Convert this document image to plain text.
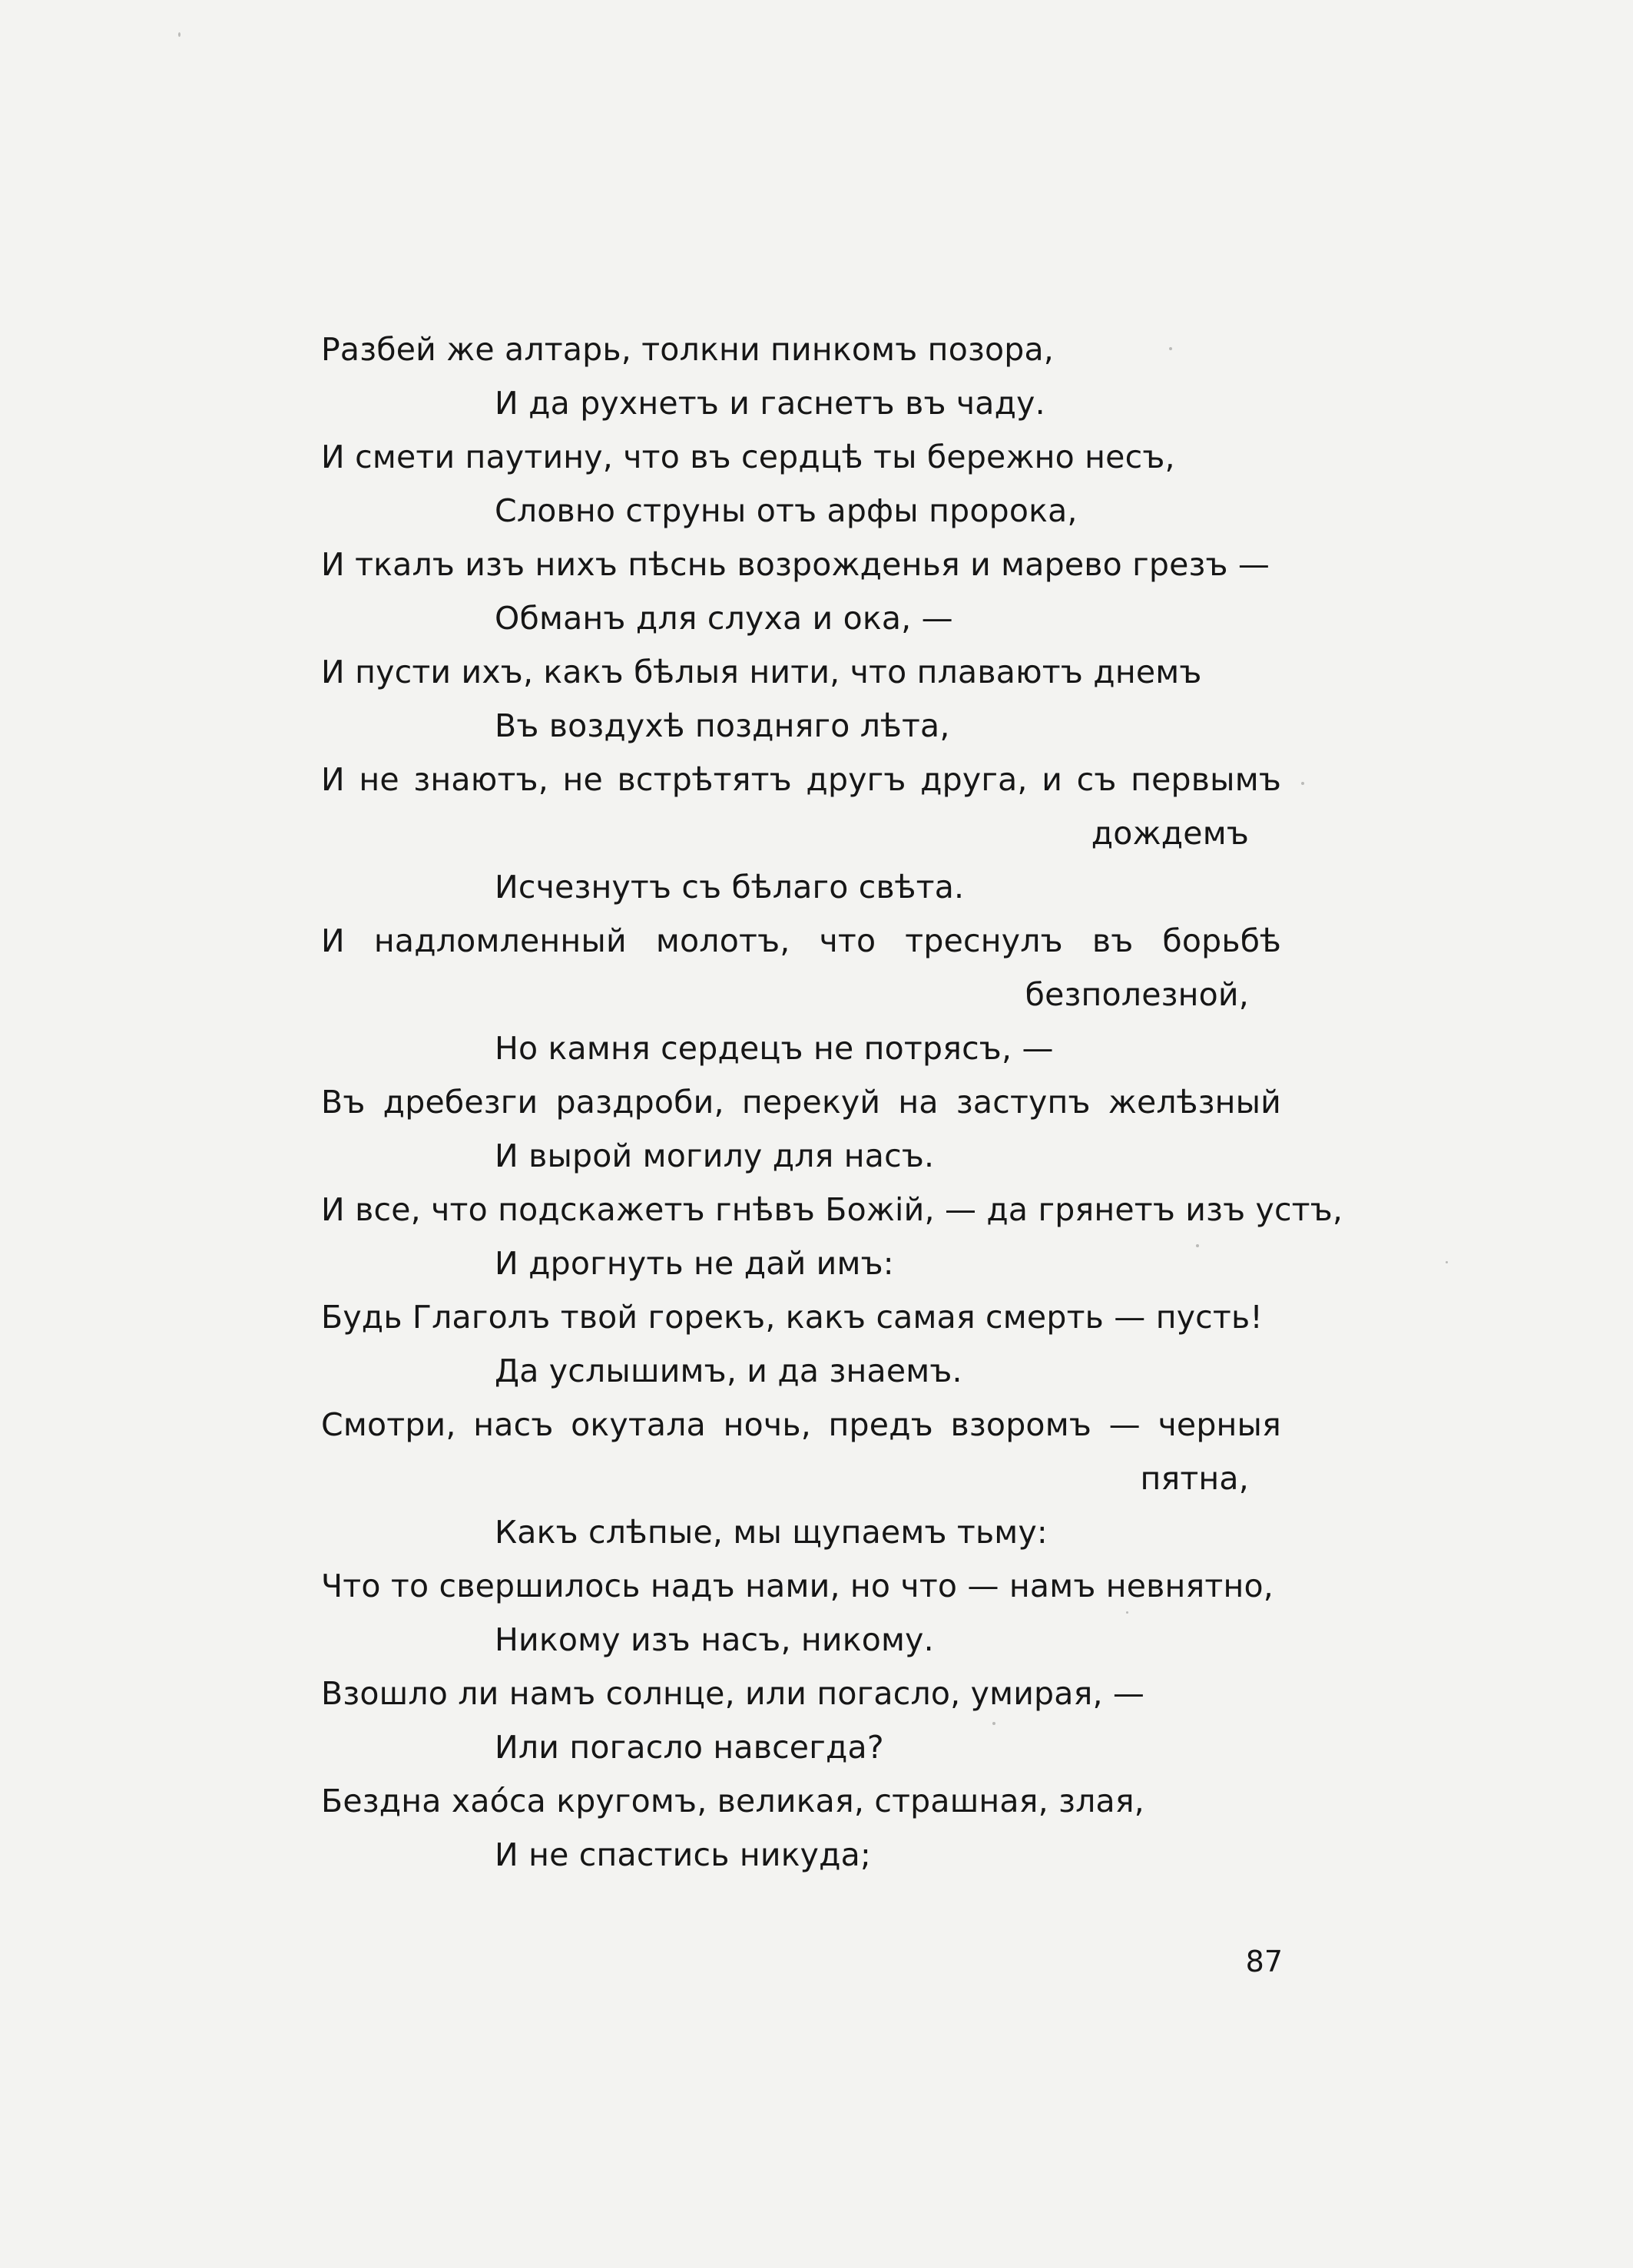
Разбей же алтарь, толкни пинкомъ позора,
И да рухнетъ и гаснетъ въ чаду.
И смети паутину, что въ сердцѣ ты бережно несъ,
Словно струны отъ арфы пророка,
И ткалъ изъ нихъ пѣснь возрожденья и марево грезъ —
Обманъ для слуха и ока, —
И пусти ихъ, какъ бѣлыя нити, что плаваютъ днемъ
Въ воздухѣ поздняго лѣта,
И не знаютъ, не встрѣтятъ другъ друга, и съ первымъ
дождемъ
Исчезнутъ съ бѣлаго свѣта.
И надломленный молотъ, что треснулъ въ борьбѣ
безполезной,
Но камня сердецъ не потрясъ, —
Въ дребезги раздроби, перекуй на заступъ желѣзный
И вырой могилу для насъ.
И все, что подскажетъ гнѣвъ Божій, — да грянетъ изъ устъ,
И дрогнуть не дай имъ:
Будь Глаголъ твой горекъ, какъ самая смерть — пусть!
Да услышимъ, и да знаемъ.
Смотри, насъ окутала ночь, предъ взоромъ — черныя
пятна,
Какъ слѣпые, мы щупаемъ тьму:
Что то свершилось надъ нами, но что — намъ невнятно,
Никому изъ насъ, никому.
Взошло ли намъ солнце, или погасло, умирая, —
Или погасло навсегда?
Бездна хаóса кругомъ, великая, страшная, злая,
И не спастись никуда;
87
